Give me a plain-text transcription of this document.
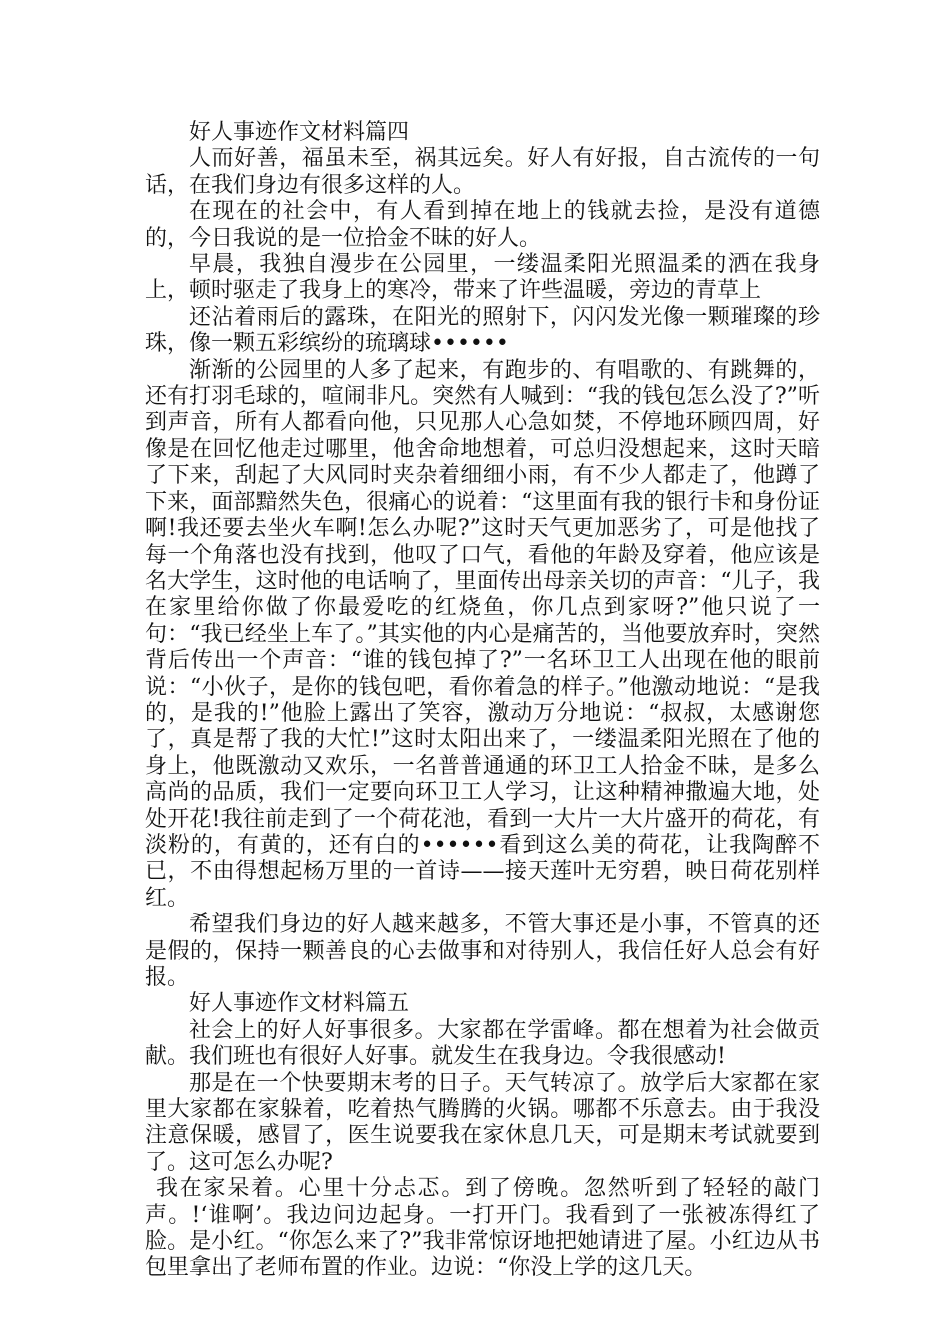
好人事迹作文材料篇四

人而好善，福虽未至，祸其远矣。好人有好报，自古流传的一句话，在我们身边有很多这样的人。

在现在的社会中，有人看到掉在地上的钱就去捡，是没有道德的，今日我说的是一位拾金不昧的好人。

早晨，我独自漫步在公园里，一缕温柔阳光照温柔的洒在我身上，顿时驱走了我身上的寒冷，带来了许些温暖，旁边的青草上

还沾着雨后的露珠，在阳光的照射下，闪闪发光像一颗璀璨的珍珠，像一颗五彩缤纷的琉璃球••••••

渐渐的公园里的人多了起来，有跑步的、有唱歌的、有跳舞的，还有打羽毛球的，喧闹非凡。突然有人喊到：“我的钱包怎么没了?”听到声音，所有人都看向他，只见那人心急如焚，不停地环顾四周，好像是在回忆他走过哪里，他舍命地想着，可总归没想起来，这时天暗了下来，刮起了大风同时夹杂着细细小雨，有不少人都走了，他蹲了下来，面部黯然失色，很痛心的说着：“这里面有我的银行卡和身份证啊!我还要去坐火车啊!怎么办呢?”这时天气更加恶劣了，可是他找了每一个角落也没有找到，他叹了口气，看他的年龄及穿着，他应该是名大学生，这时他的电话响了，里面传出母亲关切的声音：“儿子，我在家里给你做了你最爱吃的红烧鱼，你几点到家呀?”他只说了一句：“我已经坐上车了。”其实他的内心是痛苦的，当他要放弃时，突然背后传出一个声音：“谁的钱包掉了?”一名环卫工人出现在他的眼前说：“小伙子，是你的钱包吧，看你着急的样子。”他激动地说：“是我的，是我的!”他脸上露出了笑容，激动万分地说：“叔叔，太感谢您了，真是帮了我的大忙!”这时太阳出来了，一缕温柔阳光照在了他的身上，他既激动又欢乐，一名普普通通的环卫工人拾金不昧，是多么高尚的品质，我们一定要向环卫工人学习，让这种精神撒遍大地，处处开花!我往前走到了一个荷花池，看到一大片一大片盛开的荷花，有淡粉的，有黄的，还有白的••••••看到这么美的荷花，让我陶醉不已，不由得想起杨万里的一首诗——接天莲叶无穷碧，映日荷花别样红。

希望我们身边的好人越来越多，不管大事还是小事，不管真的还是假的，保持一颗善良的心去做事和对待别人，我信任好人总会有好报。

好人事迹作文材料篇五

社会上的好人好事很多。大家都在学雷峰。都在想着为社会做贡献。我们班也有很好人好事。就发生在我身边。令我很感动!

那是在一个快要期末考的日子。天气转凉了。放学后大家都在家里大家都在家躲着，吃着热气腾腾的火锅。哪都不乐意去。由于我没注意保暖，感冒了，医生说要我在家休息几天，可是期末考试就要到了。这可怎么办呢?

我在家呆着。心里十分忐忑。到了傍晚。忽然听到了轻轻的敲门声。!‘谁啊’。我边问边起身。一打开门。我看到了一张被冻得红了脸。是小红。“你怎么来了?”我非常惊讶地把她请进了屋。小红边从书包里拿出了老师布置的作业。边说：“你没上学的这几天。
